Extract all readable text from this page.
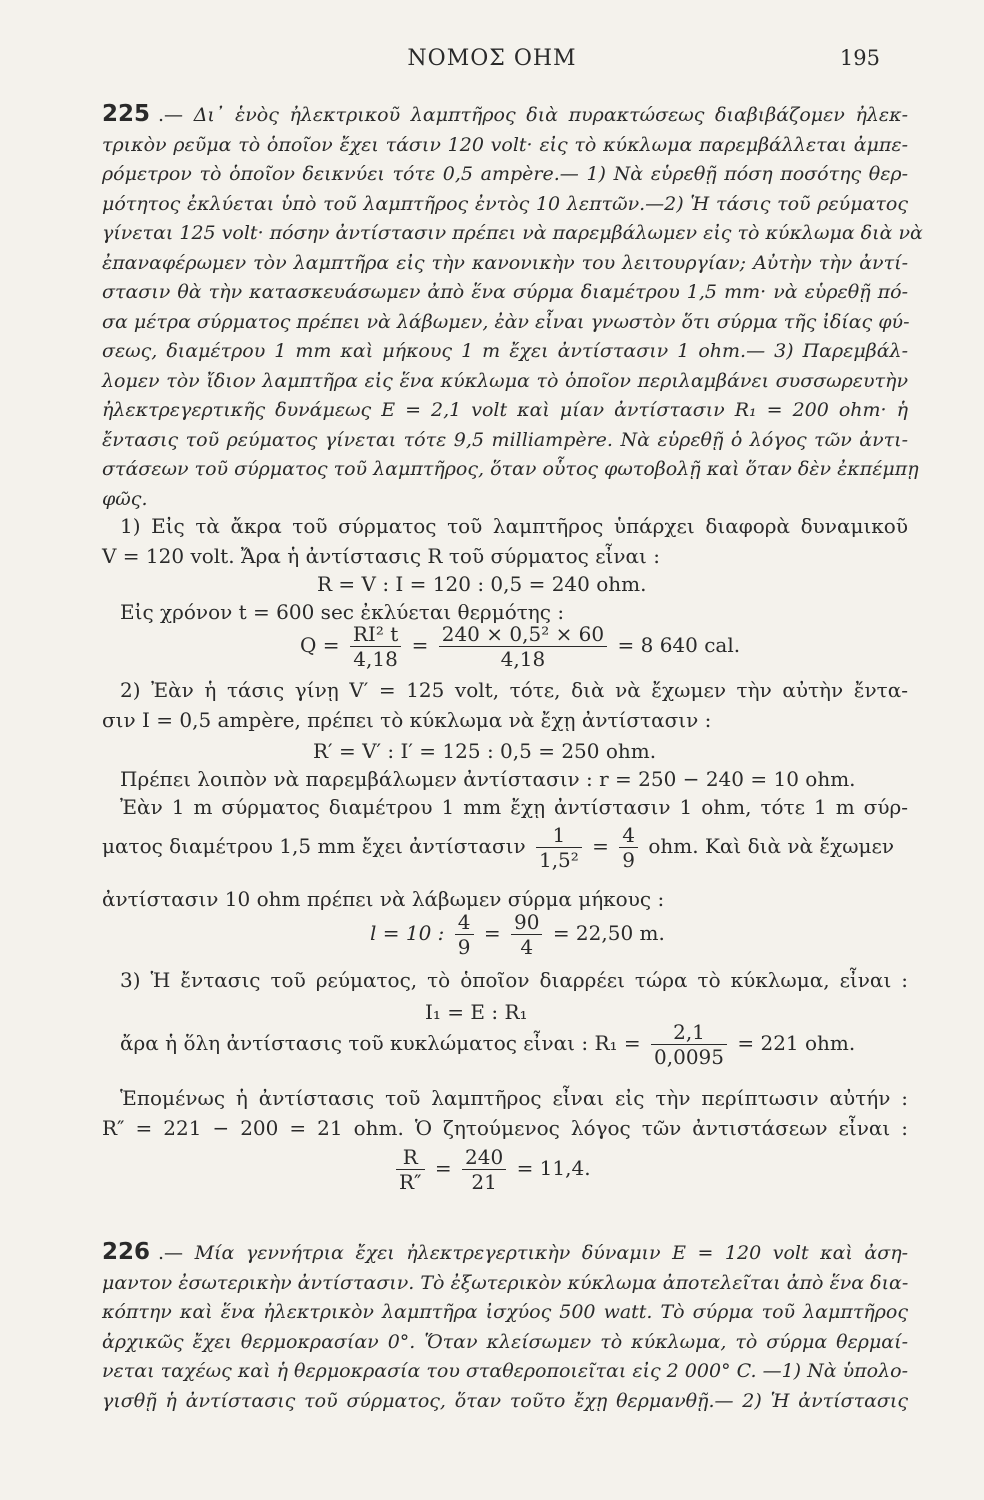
ΝΟΜΟΣ ΟΗΜ	195
225 .— Δι᾽ ἑνὸς ἠλεκτρικοῦ λαμπτῆρος διὰ πυρακτώσεως διαβιβάζομεν ἠλεκ-
τρικὸν ρεῦμα τὸ ὁποῖον ἔχει τάσιν 120 volt· εἰς τὸ κύκλωμα παρεμβάλλεται ἀμπε-
ρόμετρον τὸ ὁποῖον δεικνύει τότε 0,5 ampère.— 1) Νὰ εὑρεθῇ πόση ποσότης θερ-
μότητος ἐκλύεται ὑπὸ τοῦ λαμπτῆρος ἐντὸς 10 λεπτῶν.—2) Ἡ τάσις τοῦ ρεύματος
γίνεται 125 volt· πόσην ἀντίστασιν πρέπει νὰ παρεμβάλωμεν εἰς τὸ κύκλωμα διὰ νὰ
ἐπαναφέρωμεν τὸν λαμπτῆρα εἰς τὴν κανονικὴν του λειτουργίαν; Αὐτὴν τὴν ἀντί-
στασιν θὰ τὴν κατασκευάσωμεν ἀπὸ ἕνα σύρμα διαμέτρου 1,5 mm· νὰ εὑρεθῇ πό-
σα μέτρα σύρματος πρέπει νὰ λάβωμεν, ἐὰν εἶναι γνωστὸν ὅτι σύρμα τῆς ἰδίας φύ-
σεως, διαμέτρου 1 mm καὶ μήκους 1 m ἔχει ἀντίστασιν 1 ohm.— 3) Παρεμβάλ-
λομεν τὸν ἴδιον λαμπτῆρα εἰς ἕνα κύκλωμα τὸ ὁποῖον περιλαμβάνει συσσωρευτὴν
ἠλεκτρεγερτικῆς δυνάμεως E = 2,1 volt καὶ μίαν ἀντίστασιν R₁ = 200 ohm· ἡ
ἔντασις τοῦ ρεύματος γίνεται τότε 9,5 milliampère. Νὰ εὑρεθῇ ὁ λόγος τῶν ἀντι-
στάσεων τοῦ σύρματος τοῦ λαμπτῆρος, ὅταν οὗτος φωτοβολῇ καὶ ὅταν δὲν ἐκπέμπῃ
φῶς.
1) Εἰς τὰ ἄκρα τοῦ σύρματος τοῦ λαμπτῆρος ὑπάρχει διαφορὰ δυναμικοῦ
V = 120 volt. Ἄρα ἡ ἀντίστασις R τοῦ σύρματος εἶναι :
R = V : I = 120 : 0,5 = 240 ohm.
Εἰς χρόνον t = 600 sec ἐκλύεται θερμότης :
$Q = \frac{\text{RI² t}}{4,18} = \frac{\text{240 × 0,5² × 60}}{4,18} = 8$ 640 cal.
2) Ἐὰν ἡ τάσις γίνῃ V′ = 125 volt, τότε, διὰ νὰ ἔχωμεν τὴν αὐτὴν ἔντα-
σιν I = 0,5 ampère, πρέπει τὸ κύκλωμα νὰ ἔχῃ ἀντίστασιν :
R′ = V′ : I′ = 125 : 0,5 = 250 ohm.
Πρέπει λοιπὸν νὰ παρεμβάλωμεν ἀντίστασιν : r = 250 − 240 = 10 ohm.
Ἐὰν 1 m σύρματος διαμέτρου 1 mm ἔχῃ ἀντίστασιν 1 ohm, τότε 1 m σύρ-
ματος διαμέτρου 1,5 mm ἔχει ἀντίστασιν $\frac{1}{\text{1,5²}} = \frac{4}{9}$ ohm. Καὶ διὰ νὰ ἔχωμεν
ἀντίστασιν 10 ohm πρέπει νὰ λάβωμεν σύρμα μήκους :
l = 10 : $\frac{4}{9} = \frac{90}{4} = 22,50$ m.
3) Ἡ ἔντασις τοῦ ρεύματος, τὸ ὁποῖον διαρρέει τώρα τὸ κύκλωμα, εἶναι :
I₁ = E : R₁
ἄρα ἡ ὅλη ἀντίστασις τοῦ κυκλώματος εἶναι : $R_1 = \frac{2,1}{0,0095} = 221$ ohm.
Ἑπομένως ἡ ἀντίστασις τοῦ λαμπτῆρος εἶναι εἰς τὴν περίπτωσιν αὐτήν :
R″ = 221 − 200 = 21 ohm. Ὁ ζητούμενος λόγος τῶν ἀντιστάσεων εἶναι :
$\frac{R}{R''} = \frac{240}{21} = 11,4$.
226 .— Μία γεννήτρια ἔχει ἠλεκτρεγερτικὴν δύναμιν E = 120 volt καὶ ἀση-
μαντον ἐσωτερικὴν ἀντίστασιν. Τὸ ἐξωτερικὸν κύκλωμα ἀποτελεῖται ἀπὸ ἕνα δια-
κόπτην καὶ ἕνα ἠλεκτρικὸν λαμπτῆρα ἰσχύος 500 watt. Τὸ σύρμα τοῦ λαμπτῆρος
ἀρχικῶς ἔχει θερμοκρασίαν 0°. Ὅταν κλείσωμεν τὸ κύκλωμα, τὸ σύρμα θερμαί-
νεται ταχέως καὶ ἡ θερμοκρασία του σταθεροποιεῖται εἰς 2 000° C. —1) Νὰ ὑπολο-
γισθῇ ἡ ἀντίστασις τοῦ σύρματος, ὅταν τοῦτο ἔχῃ θερμανθῇ.— 2) Ἡ ἀντίστασις
